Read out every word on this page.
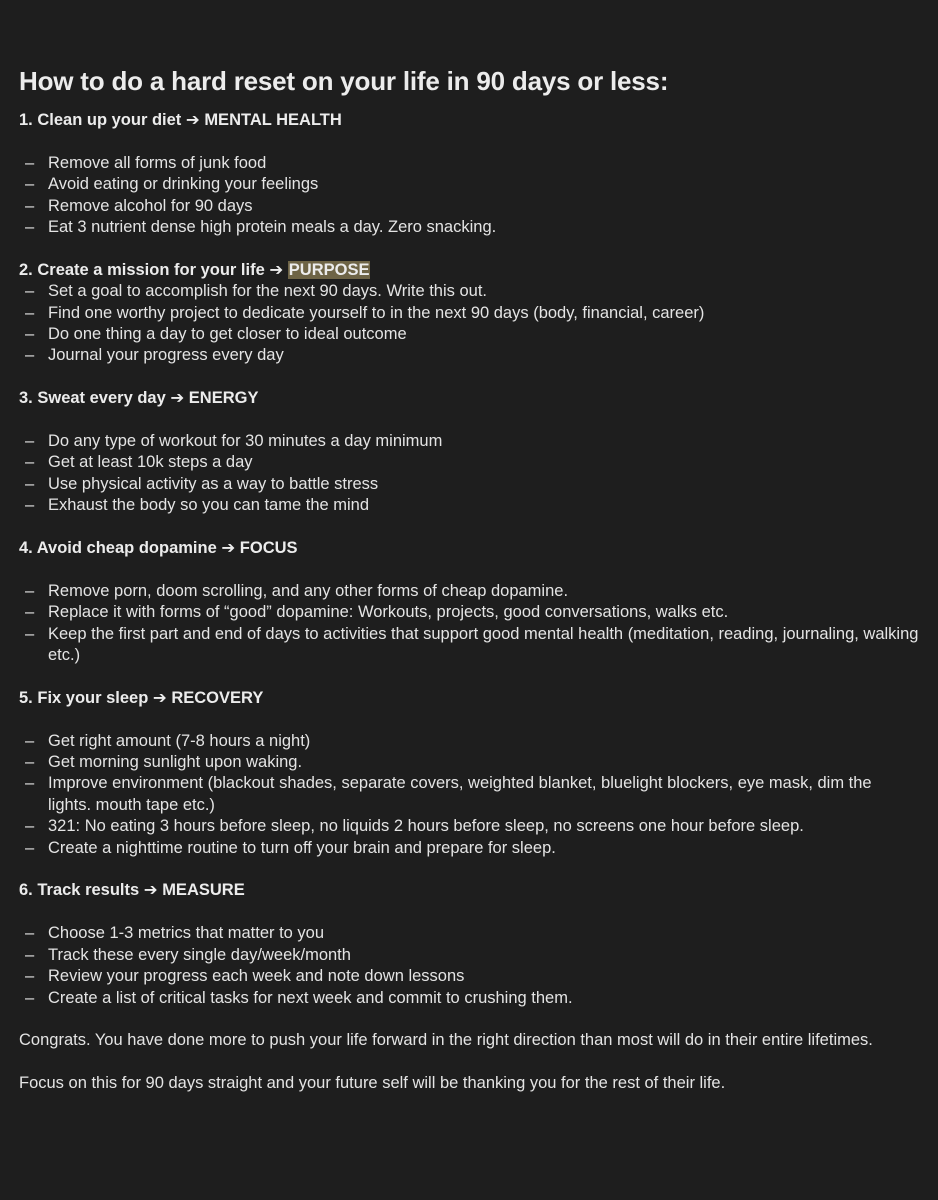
How to do a hard reset on your life in 90 days or less:

1. Clean up your diet ➔ MENTAL HEALTH

– Remove all forms of junk food
– Avoid eating or drinking your feelings
– Remove alcohol for 90 days
– Eat 3 nutrient dense high protein meals a day. Zero snacking.

2. Create a mission for your life ➔ PURPOSE

– Set a goal to accomplish for the next 90 days. Write this out.
– Find one worthy project to dedicate yourself to in the next 90 days (body, financial, career)
– Do one thing a day to get closer to ideal outcome
– Journal your progress every day

3. Sweat every day ➔ ENERGY

– Do any type of workout for 30 minutes a day minimum
– Get at least 10k steps a day
– Use physical activity as a way to battle stress
– Exhaust the body so you can tame the mind

4. Avoid cheap dopamine ➔ FOCUS

– Remove porn, doom scrolling, and any other forms of cheap dopamine.
– Replace it with forms of “good” dopamine: Workouts, projects, good conversations, walks etc.
– Keep the first part and end of days to activities that support good mental health (meditation, reading, journaling, walking etc.)

5. Fix your sleep ➔ RECOVERY

– Get right amount (7-8 hours a night)
– Get morning sunlight upon waking.
– Improve environment (blackout shades, separate covers, weighted blanket, bluelight blockers, eye mask, dim the lights. mouth tape etc.)
– 321: No eating 3 hours before sleep, no liquids 2 hours before sleep, no screens one hour before sleep.
– Create a nighttime routine to turn off your brain and prepare for sleep.

6. Track results ➔ MEASURE

– Choose 1-3 metrics that matter to you
– Track these every single day/week/month
– Review your progress each week and note down lessons
– Create a list of critical tasks for next week and commit to crushing them.

Congrats. You have done more to push your life forward in the right direction than most will do in their entire lifetimes.

Focus on this for 90 days straight and your future self will be thanking you for the rest of their life.
